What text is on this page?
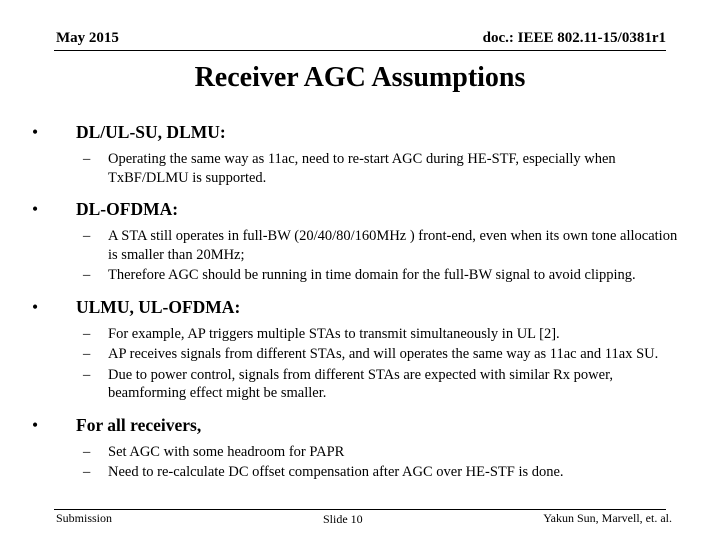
May 2015	doc.: IEEE 802.11-15/0381r1
Receiver AGC Assumptions
• DL/UL-SU, DLMU:
– Operating the same way as 11ac, need to re-start AGC during HE-STF, especially when TxBF/DLMU is supported.
• DL-OFDMA:
– A STA still operates in full-BW (20/40/80/160MHz ) front-end, even when its own tone allocation is smaller than 20MHz;
– Therefore AGC should be running in time domain for the full-BW signal to avoid clipping.
• ULMU, UL-OFDMA:
– For example, AP triggers multiple STAs to transmit simultaneously in UL [2].
– AP receives signals from different STAs, and will operates the same way as 11ac and 11ax SU.
– Due to power control, signals from different STAs are expected with similar Rx power, beamforming effect might be smaller.
• For all receivers,
– Set AGC with some headroom for PAPR
– Need to re-calculate DC offset compensation after AGC over HE-STF is done.
Submission	Slide 10	Yakun Sun, Marvell, et. al.
